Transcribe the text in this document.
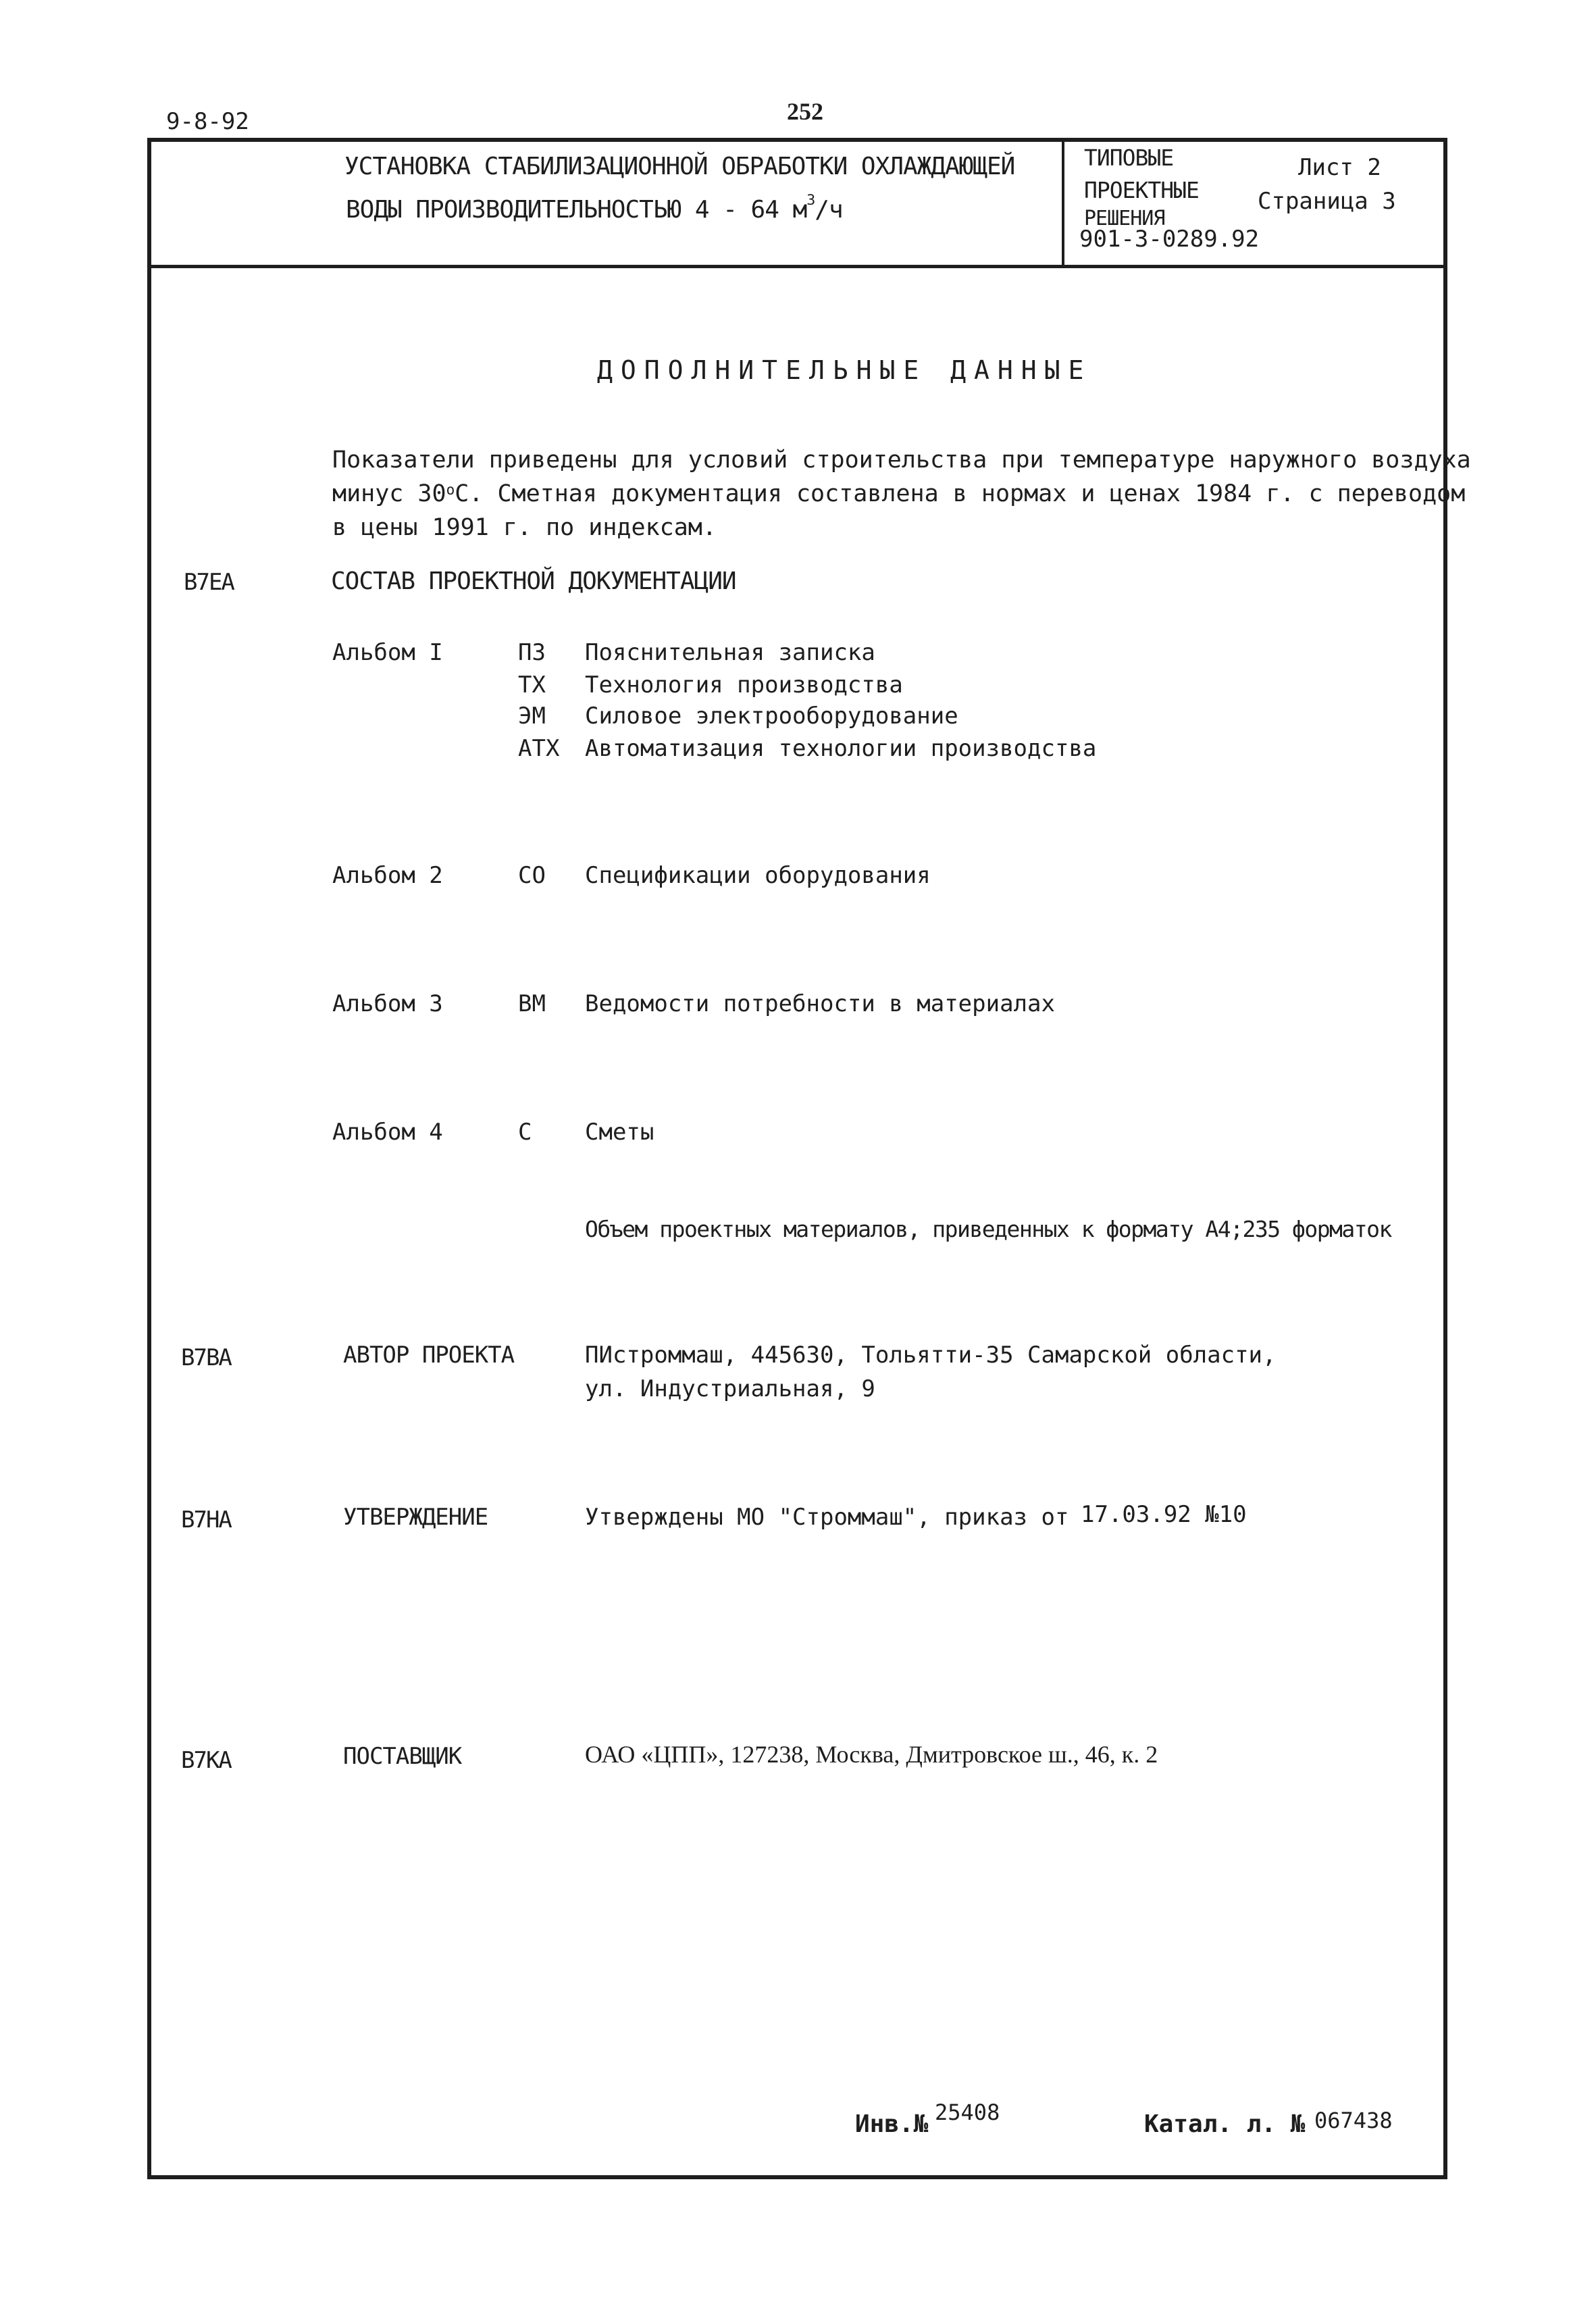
9-8-92	252
УСТАНОВКА СТАБИЛИЗАЦИОННОЙ ОБРАБОТКИ ОХЛАЖДАЮЩЕЙ
ВОДЫ ПРОИЗВОДИТЕЛЬНОСТЬЮ 4 - 64 $м^3/ч$
ТИПОВЫЕ
ПРОЕКТНЫЕ
РЕШЕНИЯ
Лист 2
Страница 3
901-3-0289.92
ДОПОЛНИТЕЛЬНЫЕ ДАННЫЕ
Показатели приведены для условий строительства при температуре наружного воздуха
минус $30^оС$. Сметная документация составлена в нормах и ценах 1984 г. с переводом
в цены 1991 г. по индексам.
В7ЕА	СОСТАВ ПРОЕКТНОЙ ДОКУМЕНТАЦИИ
Альбом I	ПЗ Пояснительная записка
ТХ Технология производства
ЭМ Силовое электрооборудование
АТХ Автоматизация технологии производства
Альбом 2	СО Спецификации оборудования
Альбом 3	ВМ Ведомости потребности в материалах
Альбом 4	С Сметы
Объем проектных материалов, приведенных к формату А4;235 форматок
В7ВА	АВТОР ПРОЕКТА	ПИстроммаш, 445630, Тольятти-35 Самарской области,
ул. Индустриальная, 9
В7НА	УТВЕРЖДЕНИЕ	Утверждены МО "Строммаш", приказ от 17.03.92 №10
В7КА	ПОСТАВЩИК	ОАО «ЦПП», 127238, Москва, Дмитровское ш., 46, к. 2
Инв.№ 25408	Катал. л. № 067438
